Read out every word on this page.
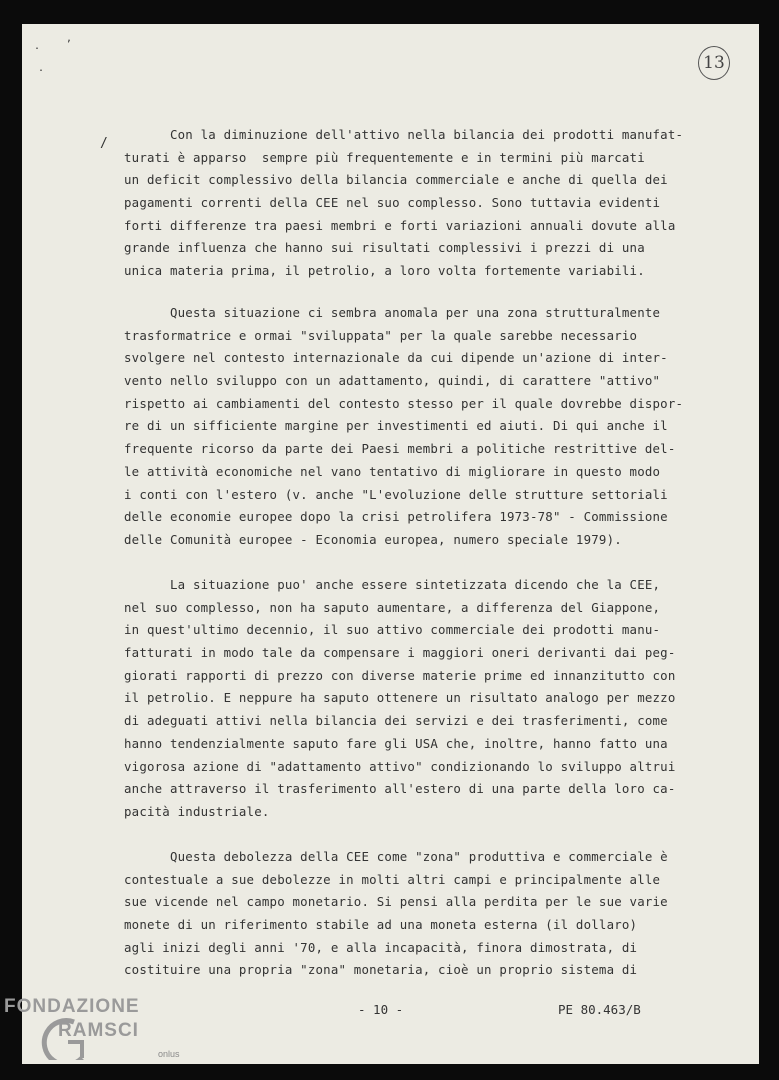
.
,
.
/
13
Con la diminuzione dell'attivo nella bilancia dei prodotti manufat-
turati è apparso  sempre più frequentemente e in termini più marcati
un deficit complessivo della bilancia commerciale e anche di quella dei
pagamenti correnti della CEE nel suo complesso. Sono tuttavia evidenti
forti differenze tra paesi membri e forti variazioni annuali dovute alla
grande influenza che hanno sui risultati complessivi i prezzi di una
unica materia prima, il petrolio, a loro volta fortemente variabili.
Questa situazione ci sembra anomala per una zona strutturalmente
trasformatrice e ormai "sviluppata" per la quale sarebbe necessario
svolgere nel contesto internazionale da cui dipende un'azione di inter-
vento nello sviluppo con un adattamento, quindi, di carattere "attivo"
rispetto ai cambiamenti del contesto stesso per il quale dovrebbe dispor-
re di un sifficiente margine per investimenti ed aiuti. Di qui anche il
frequente ricorso da parte dei Paesi membri a politiche restrittive del-
le attività economiche nel vano tentativo di migliorare in questo modo
i conti con l'estero (v. anche "L'evoluzione delle strutture settoriali
delle economie europee dopo la crisi petrolifera 1973-78" - Commissione
delle Comunità europee - Economia europea, numero speciale 1979).
La situazione puo' anche essere sintetizzata dicendo che la CEE,
nel suo complesso, non ha saputo aumentare, a differenza del Giappone,
in quest'ultimo decennio, il suo attivo commerciale dei prodotti manu-
fatturati in modo tale da compensare i maggiori oneri derivanti dai peg-
giorati rapporti di prezzo con diverse materie prime ed innanzitutto con
il petrolio. E neppure ha saputo ottenere un risultato analogo per mezzo
di adeguati attivi nella bilancia dei servizi e dei trasferimenti, come
hanno tendenzialmente saputo fare gli USA che, inoltre, hanno fatto una
vigorosa azione di "adattamento attivo" condizionando lo sviluppo altrui
anche attraverso il trasferimento all'estero di una parte della loro ca-
pacità industriale.
Questa debolezza della CEE come "zona" produttiva e commerciale è
contestuale a sue debolezze in molti altri campi e principalmente alle
sue vicende nel campo monetario. Si pensi alla perdita per le sue varie
monete di un riferimento stabile ad una moneta esterna (il dollaro)
agli inizi degli anni '70, e alla incapacità, finora dimostrata, di
costituire una propria "zona" monetaria, cioè un proprio sistema di
- 10 -	PE 80.463/B
FONDAZIONE
RAMSCI
onlus
